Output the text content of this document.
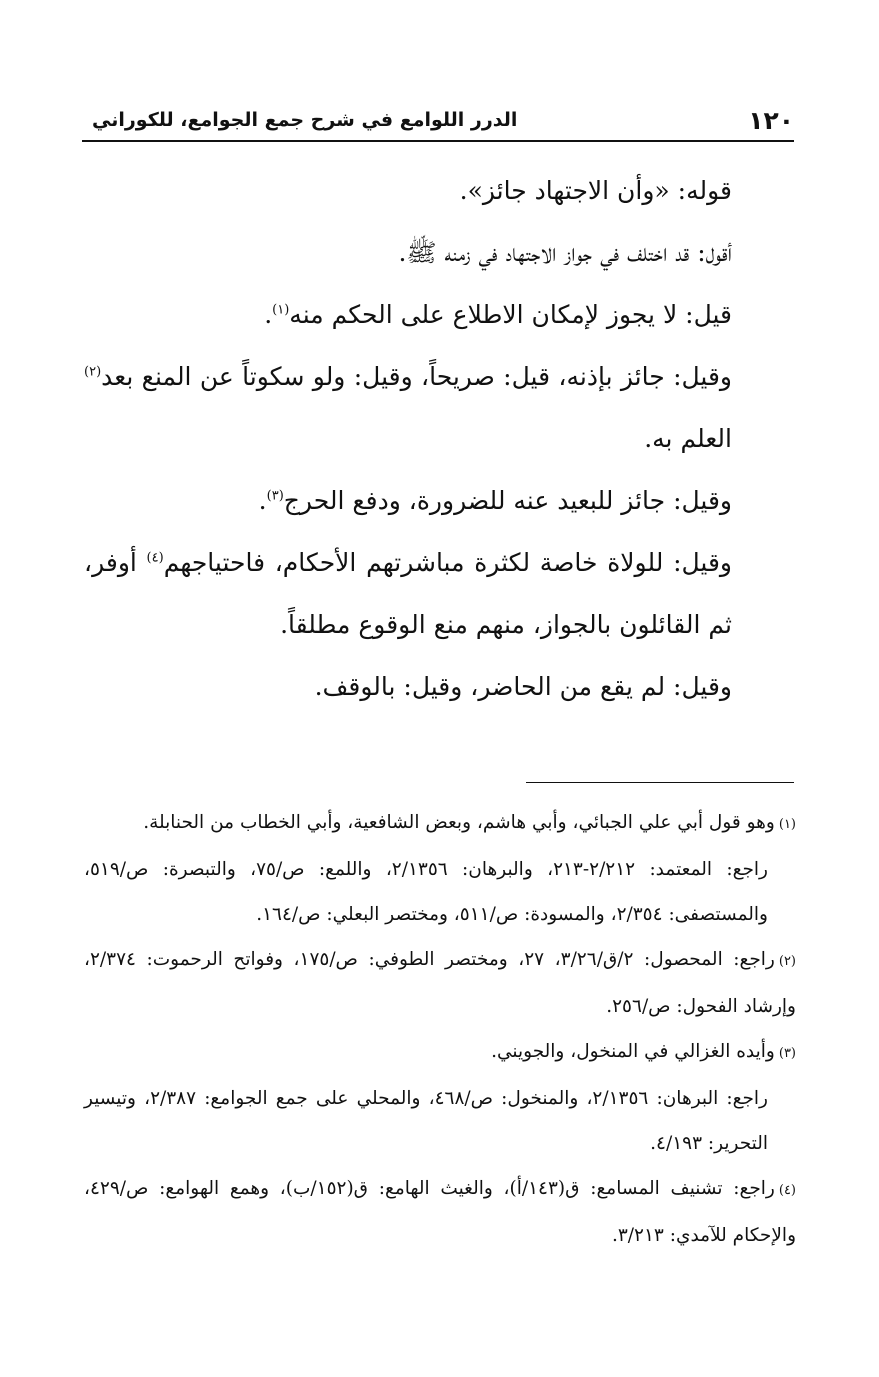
١٢٠
الدرر اللوامع في شرح جمع الجوامع، للكوراني

قوله: «وأن الاجتهاد جائز».

أقول: قد اختلف في جواز الاجتهاد في زمنه ﷺ.

قيل: لا يجوز لإمكان الاطلاع على الحكم منه$^{(١)}$.

وقيل: جائز بإذنه، قيل: صريحاً، وقيل: ولو سكوتاً عن المنع بعد$^{(٢)}$ العلم به.

وقيل: جائز للبعيد عنه للضرورة، ودفع الحرج$^{(٣)}$.

وقيل: للولاة خاصة لكثرة مباشرتهم الأحكام، فاحتياجهم$^{(٤)}$ أوفر، ثم القائلون بالجواز، منهم منع الوقوع مطلقاً.

وقيل: لم يقع من الحاضر، وقيل: بالوقف.

(١)وهو قول أبي علي الجبائي، وأبي هاشم، وبعض الشافعية، وأبي الخطاب من الحنابلة.

راجع: المعتمد: ٢/٢١٢-٢١٣، والبرهان: ٢/١٣٥٦، واللمع: ص/٧٥، والتبصرة: ص/٥١٩، والمستصفى: ٢/٣٥٤، والمسودة: ص/٥١١، ومختصر البعلي: ص/١٦٤.

(٢)راجع: المحصول: ٢/ق/٣/٢٦، ٢٧، ومختصر الطوفي: ص/١٧٥، وفواتح الرحموت: ٢/٣٧٤، وإرشاد الفحول: ص/٢٥٦.

(٣)وأيده الغزالي في المنخول، والجويني.

راجع: البرهان: ٢/١٣٥٦، والمنخول: ص/٤٦٨، والمحلي على جمع الجوامع: ٢/٣٨٧، وتيسير التحرير: ٤/١٩٣.

(٤)راجع: تشنيف المسامع: ق(١٤٣/أ)، والغيث الهامع: ق(١٥٢/ب)، وهمع الهوامع: ص/٤٢٩، والإحكام للآمدي: ٣/٢١٣.
